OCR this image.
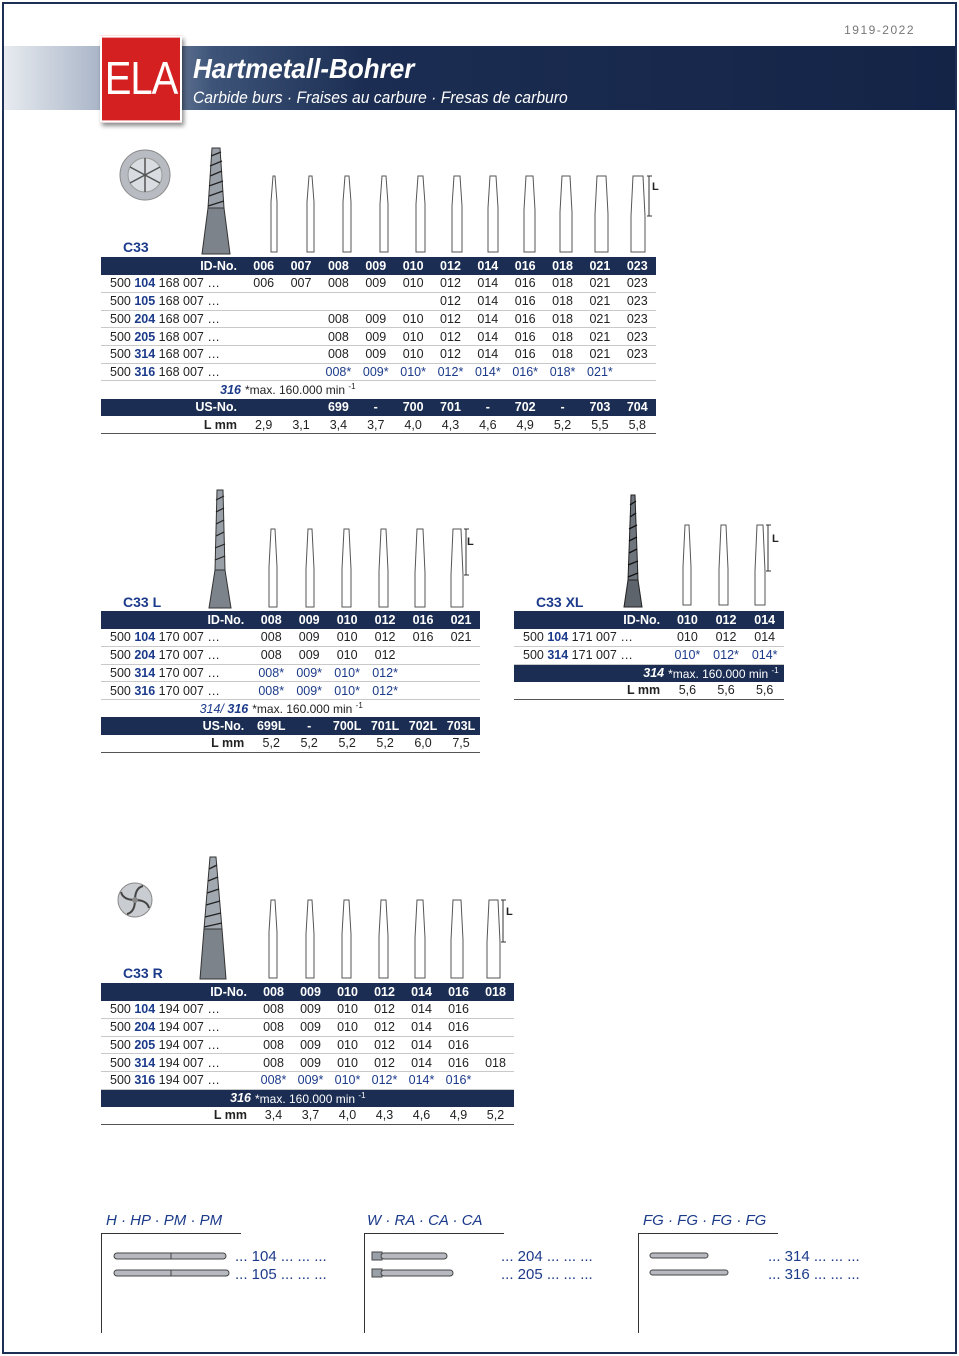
1919-2022
ELA Hartmetall-Bohrer
Carbide burs · Fraises au carbure · Fresas de carburo
C33
L
ID-No.	006	007	008	009	010	012	014	016	018	021	023
500 104 168 007 …	006	007	008	009	010	012	014	016	018	021	023
500 105 168 007 …						012	014	016	018	021	023
500 204 168 007 …			008	009	010	012	014	016	018	021	023
500 205 168 007 …			008	009	010	012	014	016	018	021	023
500 314 168 007 …			008	009	010	012	014	016	018	021	023
500 316 168 007 …			008*	009*	010*	012*	014*	016*	018*	021*	
316	*max. 160.000 min $^{-1}$
US-No.			699	-	700	701	-	702	-	703	704
L mm	2,9	3,1	3,4	3,7	4,0	4,3	4,6	4,9	5,2	5,5	5,8
C33 L
L
ID-No.	008	009	010	012	016	021
500 104 170 007 …	008	009	010	012	016	021
500 204 170 007 …	008	009	010	012		
500 314 170 007 …	008*	009*	010*	012*		
500 316 170 007 …	008*	009*	010*	012*		
314/ 316	*max. 160.000 min $^{-1}$
US-No.	699L	-	700L	701L	702L	703L
L mm	5,2	5,2	5,2	5,2	6,0	7,5
C33 XL
L
ID-No.	010	012	014
500 104 171 007 …	010	012	014
500 314 171 007 …	010*	012*	014*
314	*max. 160.000 min $^{-1}$
L mm	5,6	5,6	5,6
C33 R
L
ID-No.	008	009	010	012	014	016	018
500 104 194 007 …	008	009	010	012	014	016	
500 204 194 007 …	008	009	010	012	014	016	
500 205 194 007 …	008	009	010	012	014	016	
500 314 194 007 …	008	009	010	012	014	016	018
500 316 194 007 …	008*	009*	010*	012*	014*	016*	
316	*max. 160.000 min $^{-1}$
L mm	3,4	3,7	4,0	4,3	4,6	4,9	5,2
H · HP · PM · PM
... 104 ... ... ...
... 105 ... ... ...
W · RA · CA · CA
... 204 ... ... ...
... 205 ... ... ...
FG · FG · FG · FG
... 314 ... ... ...
... 316 ... ... ...
